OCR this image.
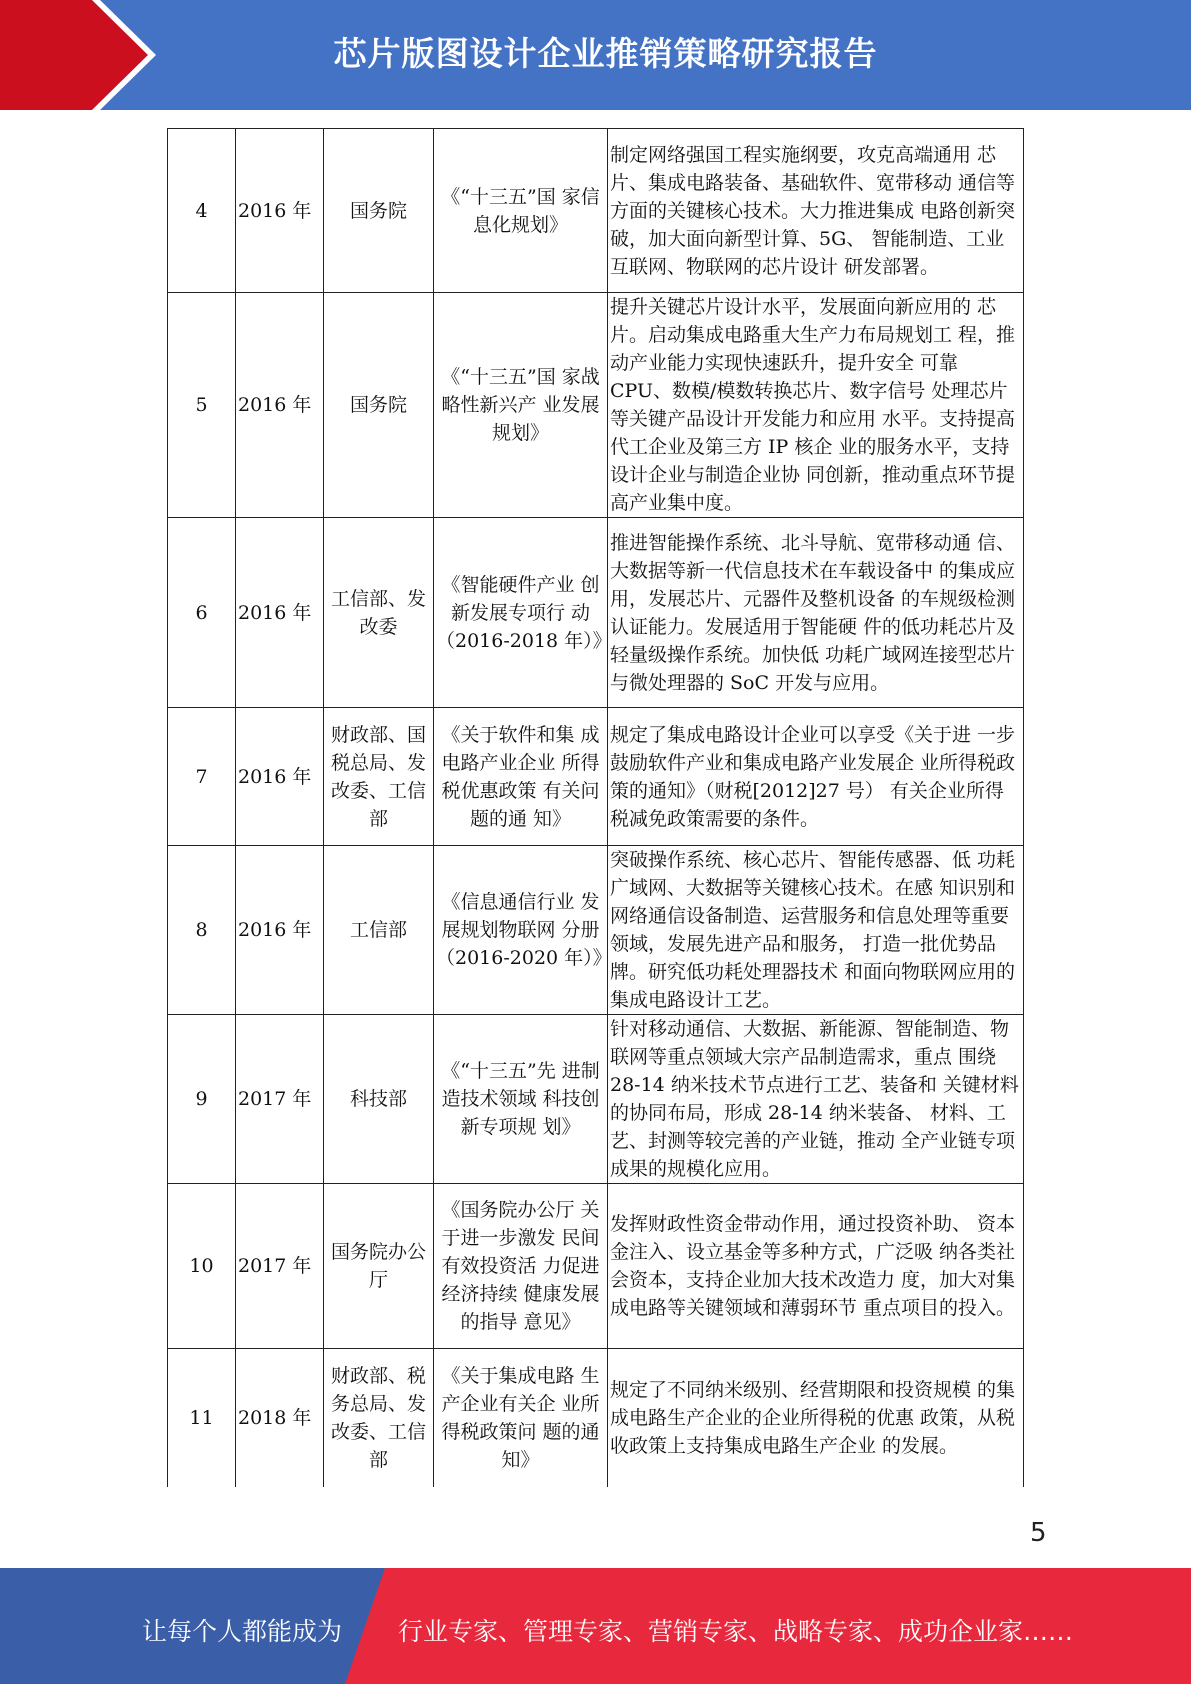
芯片版图设计企业推销策略研究报告
4	2016 年	国务院	《“十三五”国 家信息化规划》	制定网络强国工程实施纲要，攻克高端通用 芯片、集成电路装备、基础软件、宽带移动 通信等方面的关键核心技术。大力推进集成 电路创新突破，加大面向新型计算、5G、 智能制造、工业互联网、物联网的芯片设计 研发部署。
5	2016 年	国务院	《“十三五”国 家战略性新兴产 业发展规划》	提升关键芯片设计水平，发展面向新应用的 芯片。启动集成电路重大生产力布局规划工 程，推动产业能力实现快速跃升，提升安全 可靠 CPU、数模/模数转换芯片、数字信号 处理芯片等关键产品设计开发能力和应用 水平。支持提高代工企业及第三方 IP 核企 业的服务水平，支持设计企业与制造企业协 同创新，推动重点环节提高产业集中度。
6	2016 年	工信部、发改委	《智能硬件产业 创新发展专项行 动（2016-2018 年）》	推进智能操作系统、北斗导航、宽带移动通 信、大数据等新一代信息技术在车载设备中 的集成应用，发展芯片、元器件及整机设备 的车规级检测认证能力。发展适用于智能硬 件的低功耗芯片及轻量级操作系统。加快低 功耗广域网连接型芯片与微处理器的 SoC 开发与应用。
7	2016 年	财政部、国税总局、发改委、工信部	《关于软件和集 成电路产业企业 所得税优惠政策 有关问题的通 知》	规定了集成电路设计企业可以享受《关于进 一步鼓励软件产业和集成电路产业发展企 业所得税政策的通知》（财税[2012]27 号） 有关企业所得税减免政策需要的条件。
8	2016 年	工信部	《信息通信行业 发展规划物联网 分册（2016-2020 年）》	突破操作系统、核心芯片、智能传感器、低 功耗广域网、大数据等关键核心技术。在感 知识别和网络通信设备制造、运营服务和信息处理等重要领域，发展先进产品和服务， 打造一批优势品牌。研究低功耗处理器技术 和面向物联网应用的集成电路设计工艺。
9	2017 年	科技部	《“十三五”先 进制造技术领域 科技创新专项规 划》	针对移动通信、大数据、新能源、智能制造、物联网等重点领域大宗产品制造需求，重点 围绕 28-14 纳米技术节点进行工艺、装备和 关键材料的协同布局，形成 28-14 纳米装备、 材料、工艺、封测等较完善的产业链，推动 全产业链专项成果的规模化应用。
10	2017 年	国务院办公厅	《国务院办公厅 关于进一步激发 民间有效投资活 力促进经济持续 健康发展的指导 意见》	发挥财政性资金带动作用，通过投资补助、 资本金注入、设立基金等多种方式，广泛吸 纳各类社会资本，支持企业加大技术改造力 度，加大对集成电路等关键领域和薄弱环节 重点项目的投入。
11	2018 年	财政部、税务总局、发改委、工信部	《关于集成电路 生产企业有关企 业所得税政策问 题的通知》	规定了不同纳米级别、经营期限和投资规模 的集成电路生产企业的企业所得税的优惠 政策，从税收政策上支持集成电路生产企业 的发展。
5
让每个人都能成为 行业专家、管理专家、营销专家、战略专家、成功企业家……
